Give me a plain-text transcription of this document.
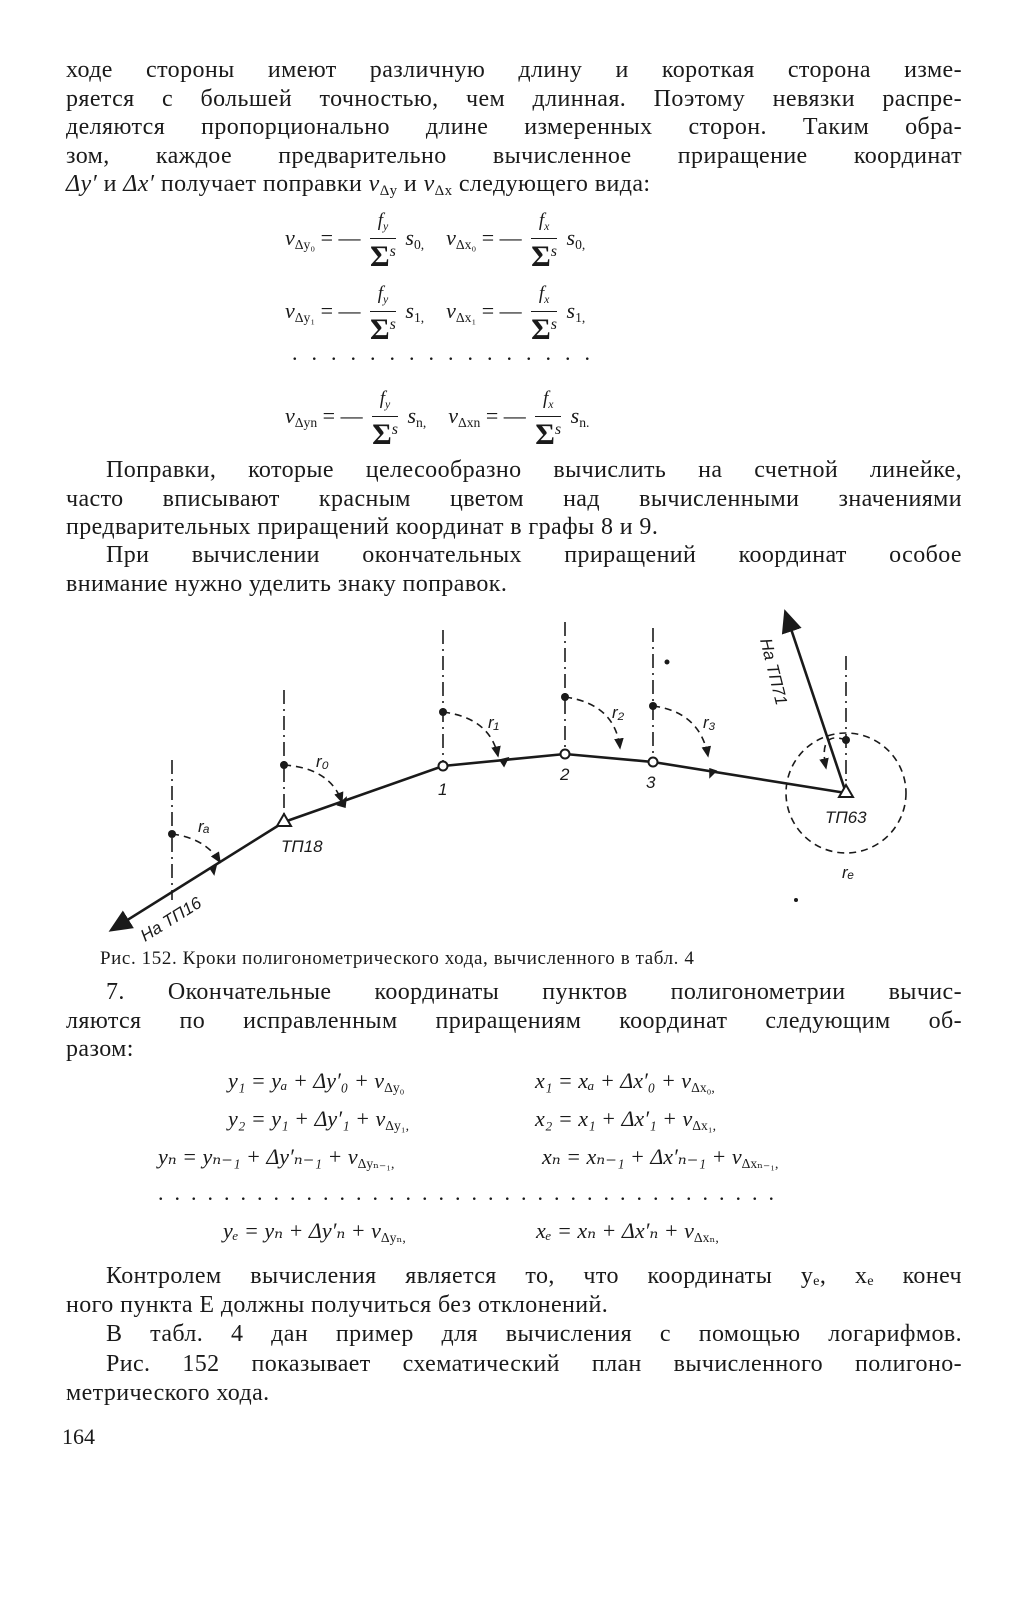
ходе стороны имеют различную длину и короткая сторона изме-
ряется с большей точностью, чем длинная. Поэтому невязки распре-
деляются пропорционально длине измеренных сторон. Таким обра-
зом, каждое предварительно вычисленное приращение координат
Δy′ и Δx′ получает поправки $v_{\Delta y}$ и $v_{\Delta x}$ следующего вида:
$v_{\Delta y_0}$ = — $\frac{f_y}{\Sigma^s} s_{0,}$ $v_{\Delta x_0}$ = — $\frac{f_x}{\Sigma^s} s_{0,}$
$v_{\Delta y_1}$ = — $\frac{f_y}{\Sigma^s} s_{1,}$ $v_{\Delta x_1}$ = — $\frac{f_x}{\Sigma^s} s_{1,}$
................
$v_{\Delta yn}$ = — $\frac{f_y}{\Sigma^s} s_{n,}$ $v_{\Delta xn}$ = — $\frac{f_x}{\Sigma^s} s_{n.}$
Поправки, которые целесообразно вычислить на счетной линейке,
часто вписывают красным цветом над вычисленными значениями
предварительных приращений координат в графы 8 и 9.
При вычислении окончательных приращений координат особое
внимание нужно уделить знаку поправок.
На ТП16
ТП18
1
2	3
ТП63
На ТП71
rₐ
r₀
r₁
r₂
r₃
rₑ
Рис. 152. Кроки полигонометрического хода, вычисленного в табл. 4
7. Окончательные координаты пунктов полигонометрии вычис-
ляются по исправленным приращениям координат следующим об-
разом:
$y_1 = y_a + \Delta y'_0 + v_{\Delta y_0}$	$x_1 = x_a + \Delta x'_0 + v_{\Delta x_0,}$
$y_2 = y_1 + \Delta y'_1 + v_{\Delta y_1,}$	$x_2 = x_1 + \Delta x'_1 + v_{\Delta x_1,}$
$y_n = y_{n-1} + \Delta y'_{n-1} + v_{\Delta y_{n-1},}$	$x_n = x_{n-1} + \Delta x'_{n-1} + v_{\Delta x_{n-1},}$
......................................
$y_e = y_n + \Delta y'_n + v_{\Delta y_n,}$	$x_e = x_n + \Delta x'_n + v_{\Delta x_n,}$
Контролем вычисления является то, что координаты yₑ, xₑ конеч
ного пункта E должны получиться без отклонений.
В табл. 4 дан пример для вычисления с помощью логарифмов.
Рис. 152 показывает схематический план вычисленного полигоно-
метрического хода.
164
